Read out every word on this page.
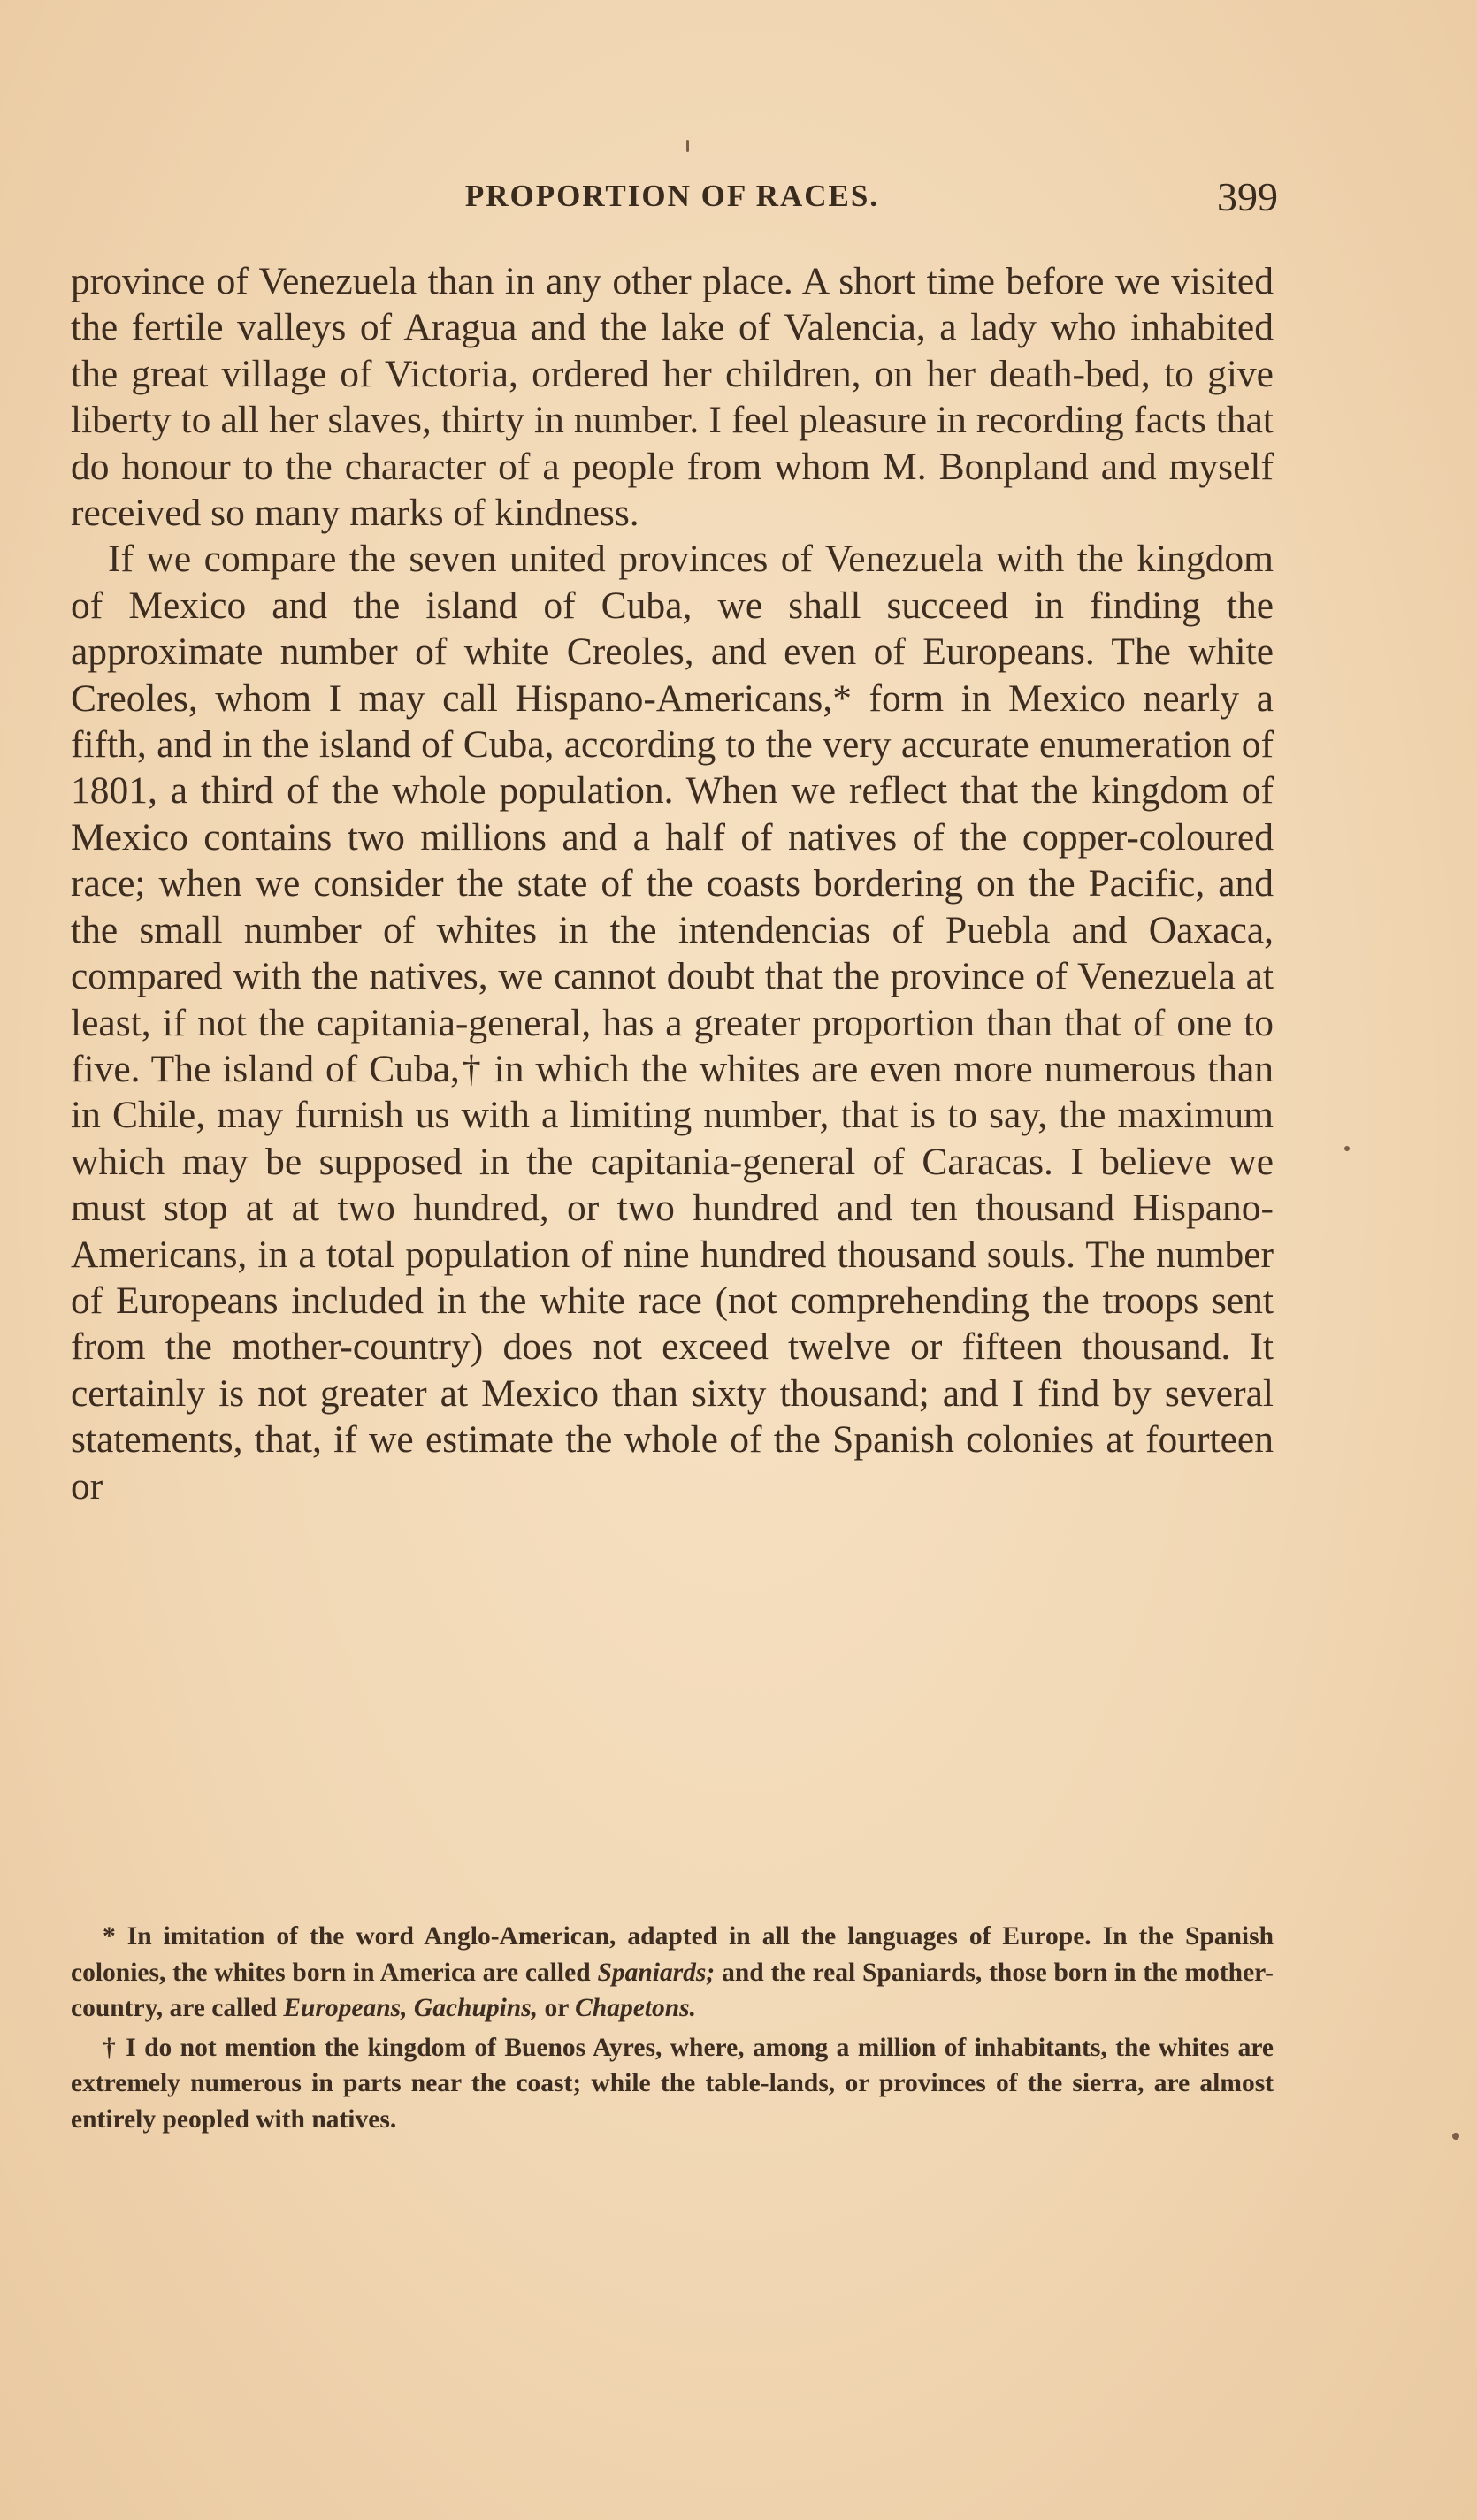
PROPORTION OF RACES.	399

province of Venezuela than in any other place. A short time before we visited the fertile valleys of Aragua and the lake of Valencia, a lady who inhabited the great village of Victoria, ordered her children, on her death-bed, to give liberty to all her slaves, thirty in number. I feel pleasure in recording facts that do honour to the character of a people from whom M. Bonpland and myself received so many marks of kindness.

If we compare the seven united provinces of Venezuela with the kingdom of Mexico and the island of Cuba, we shall succeed in finding the approximate number of white Creoles, and even of Europeans. The white Creoles, whom I may call Hispano-Americans,* form in Mexico nearly a fifth, and in the island of Cuba, according to the very accurate enumeration of 1801, a third of the whole population. When we reflect that the kingdom of Mexico contains two millions and a half of natives of the copper-coloured race; when we consider the state of the coasts bordering on the Pacific, and the small number of whites in the intendencias of Puebla and Oaxaca, compared with the natives, we cannot doubt that the province of Venezuela at least, if not the capitania-general, has a greater proportion than that of one to five. The island of Cuba,† in which the whites are even more numerous than in Chile, may furnish us with a limiting number, that is to say, the maximum which may be supposed in the capitania-general of Caracas. I believe we must stop at at two hundred, or two hundred and ten thousand Hispano-Americans, in a total population of nine hundred thousand souls. The number of Europeans included in the white race (not comprehending the troops sent from the mother-country) does not exceed twelve or fifteen thousand. It certainly is not greater at Mexico than sixty thousand; and I find by several statements, that, if we estimate the whole of the Spanish colonies at fourteen or

* In imitation of the word Anglo-American, adapted in all the languages of Europe. In the Spanish colonies, the whites born in America are called Spaniards; and the real Spaniards, those born in the mother-country, are called Europeans, Gachupins, or Chapetons.

† I do not mention the kingdom of Buenos Ayres, where, among a million of inhabitants, the whites are extremely numerous in parts near the coast; while the table-lands, or provinces of the sierra, are almost entirely peopled with natives.
